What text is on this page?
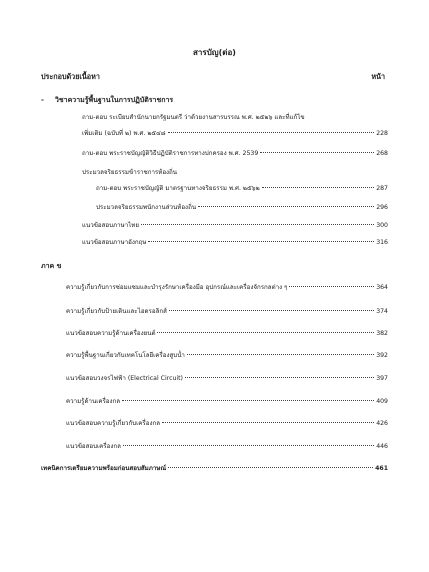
สารบัญ(ต่อ)
ประกอบด้วยเนื้อหา	หน้า
- วิชาความรู้พื้นฐานในการปฏิบัติราชการ
ถาม-ตอบ ระเบียบสำนักนายกรัฐมนตรี ว่าด้วยงานสารบรรณ พ.ศ. ๒๕๒๖ และที่แก้ไข
เพิ่มเติม (ฉบับที่ ๒) พ.ศ. ๒๕๔๘	228
ถาม-ตอบ พระราชบัญญัติวิธีปฏิบัติราชการทางปกครอง พ.ศ. 2539	268
ประมวลจริยธรรมข้าราชการท้องถิ่น
ถาม-ตอบ พระราชบัญญัติ มาตรฐานทางจริยธรรม พ.ศ. ๒๕๖๒	287
ประมวลจริยธรรมพนักงานส่วนท้องถิ่น	296
แนวข้อสอบภาษาไทย	300
แนวข้อสอบภาษาอังกฤษ	316
ภาค ข
ความรู้เกี่ยวกับการซ่อมแซมและบำรุงรักษาเครื่องมือ อุปกรณ์และเครื่องจักรกลต่าง ๆ	364
ความรู้เกี่ยวกับป้ายเดินและไฮดรอลิกส์	374
แนวข้อสอบความรู้ด้านเครื่องยนต์	382
ความรู้พื้นฐานเกี่ยวกับเทคโนโลยีเครื่องสูบน้ำ	392
แนวข้อสอบวงจรไฟฟ้า (Electrical Circuit)	397
ความรู้ด้านเครื่องกล	409
แนวข้อสอบความรู้เกี่ยวกับเครื่องกล	426
แนวข้อสอบเครื่องกล	446
เทคนิคการเตรียมความพร้อมก่อนสอบสัมภาษณ์	461
